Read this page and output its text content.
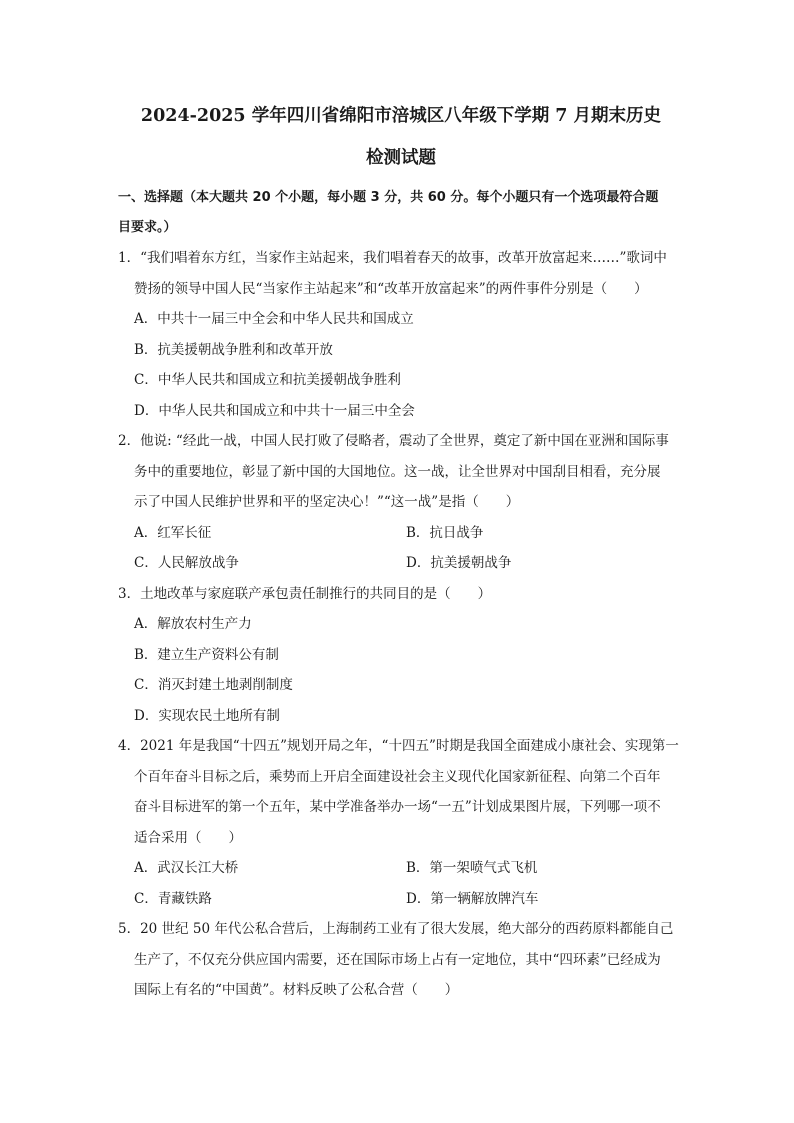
2024-2025 学年四川省绵阳市涪城区八年级下学期 7 月期末历史
检测试题
一、选择题（本大题共 20 个小题，每小题 3 分，共 60 分。每个小题只有一个选项最符合题
目要求。）
1．“我们唱着东方红，当家作主站起来，我们唱着春天的故事，改革开放富起来……”歌词中
赞扬的领导中国人民“当家作主站起来”和“改革开放富起来”的两件事件分别是（　　）
A．中共十一届三中全会和中华人民共和国成立
B．抗美援朝战争胜利和改革开放
C．中华人民共和国成立和抗美援朝战争胜利
D．中华人民共和国成立和中共十一届三中全会
2．他说: “经此一战，中国人民打败了侵略者，震动了全世界，奠定了新中国在亚洲和国际事
务中的重要地位，彰显了新中国的大国地位。这一战，让全世界对中国刮目相看，充分展
示了中国人民维护世界和平的坚定决心！”“这一战”是指（　　）
A．红军长征	B．抗日战争
C．人民解放战争	D．抗美援朝战争
3．土地改革与家庭联产承包责任制推行的共同目的是（　　）
A．解放农村生产力
B．建立生产资料公有制
C．消灭封建土地剥削制度
D．实现农民土地所有制
4．2021 年是我国“十四五”规划开局之年，“十四五”时期是我国全面建成小康社会、实现第一
个百年奋斗目标之后，乘势而上开启全面建设社会主义现代化国家新征程、向第二个百年
奋斗目标进军的第一个五年，某中学准备举办一场“一五”计划成果图片展，下列哪一项不
适合采用（　　）
A．武汉长江大桥	B．第一架喷气式飞机
C．青藏铁路	D．第一辆解放牌汽车
5．20 世纪 50 年代公私合营后，上海制药工业有了很大发展，绝大部分的西药原料都能自己
生产了，不仅充分供应国内需要，还在国际市场上占有一定地位，其中“四环素”已经成为
国际上有名的“中国黄”。材料反映了公私合营（　　）
